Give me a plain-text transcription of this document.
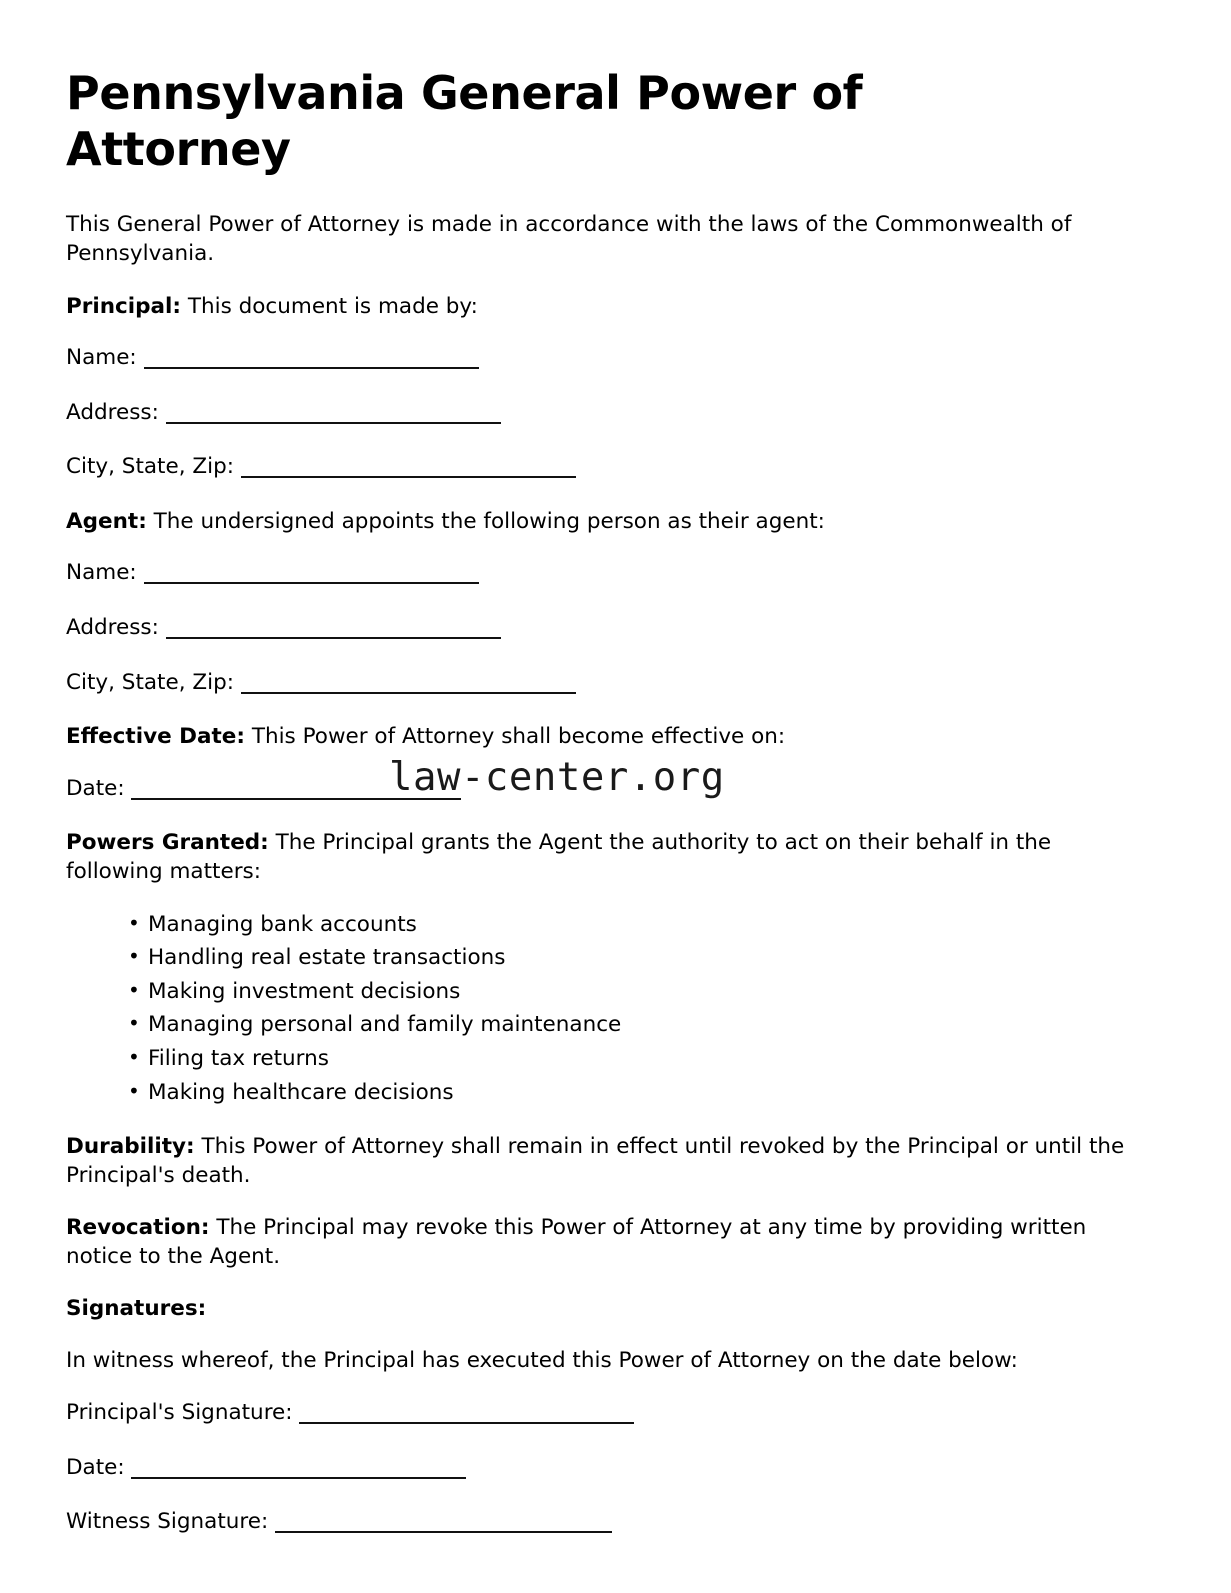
Pennsylvania General Power of Attorney

This General Power of Attorney is made in accordance with the laws of the Commonwealth of Pennsylvania.

Principal: This document is made by:

Name:
Address:
City, State, Zip:

Agent: The undersigned appoints the following person as their agent:

Name:
Address:
City, State, Zip:

Effective Date: This Power of Attorney shall become effective on:

Date:

Powers Granted: The Principal grants the Agent the authority to act on their behalf in the following matters:

• Managing bank accounts
• Handling real estate transactions
• Making investment decisions
• Managing personal and family maintenance
• Filing tax returns
• Making healthcare decisions

Durability: This Power of Attorney shall remain in effect until revoked by the Principal or until the Principal's death.

Revocation: The Principal may revoke this Power of Attorney at any time by providing written notice to the Agent.

Signatures:

In witness whereof, the Principal has executed this Power of Attorney on the date below:

Principal's Signature:
Date:
Witness Signature:
law-center.org
